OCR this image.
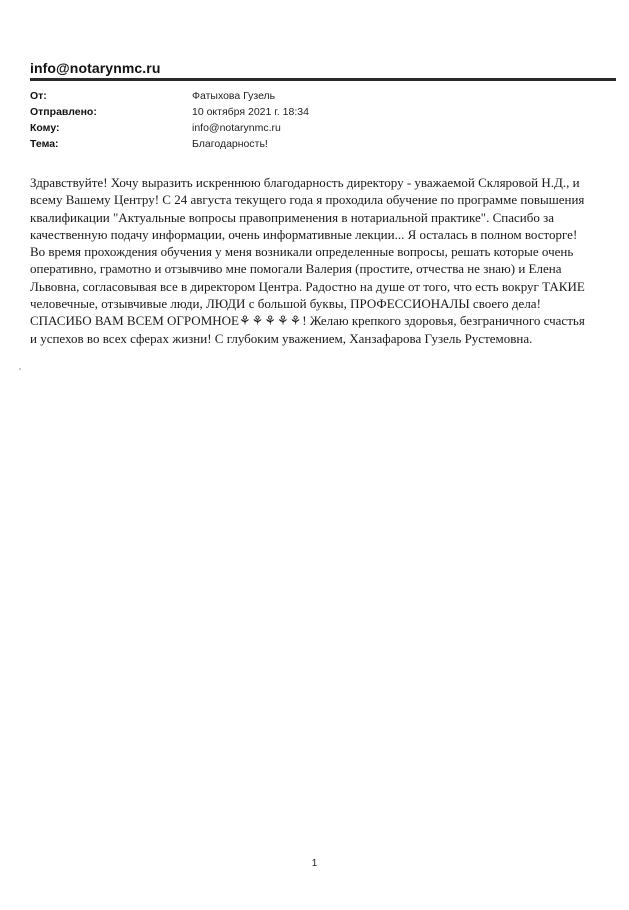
info@notarynmc.ru
От:	Фатыхова Гузель
Отправлено:	10 октября 2021 г. 18:34
Кому:	info@notarynmc.ru
Тема:	Благодарность!

Здравствуйте! Хочу выразить искреннюю благодарность директору - уважаемой Скляровой Н.Д., и всему Вашему Центру! С 24 августа текущего года я проходила обучение по программе повышения квалификации "Актуальные вопросы правоприменения в нотариальной практике". Спасибо за качественную подачу информации, очень информативные лекции... Я осталась в полном восторге! Во время прохождения обучения у меня возникали определенные вопросы, решать которые очень оперативно, грамотно и отзывчиво мне помогали Валерия (простите, отчества не знаю) и Елена Львовна, согласовывая все в директором Центра. Радостно на душе от того, что есть вокруг ТАКИЕ человечные, отзывчивые люди, ЛЮДИ с большой буквы, ПРОФЕССИОНАЛЫ своего дела! СПАСИБО ВАМ ВСЕМ ОГРОМНОЕ⚘⚘⚘⚘⚘! Желаю крепкого здоровья, безграничного счастья и успехов во всех сферах жизни! С глубоким уважением, Ханзафарова Гузель Рустемовна.

1
